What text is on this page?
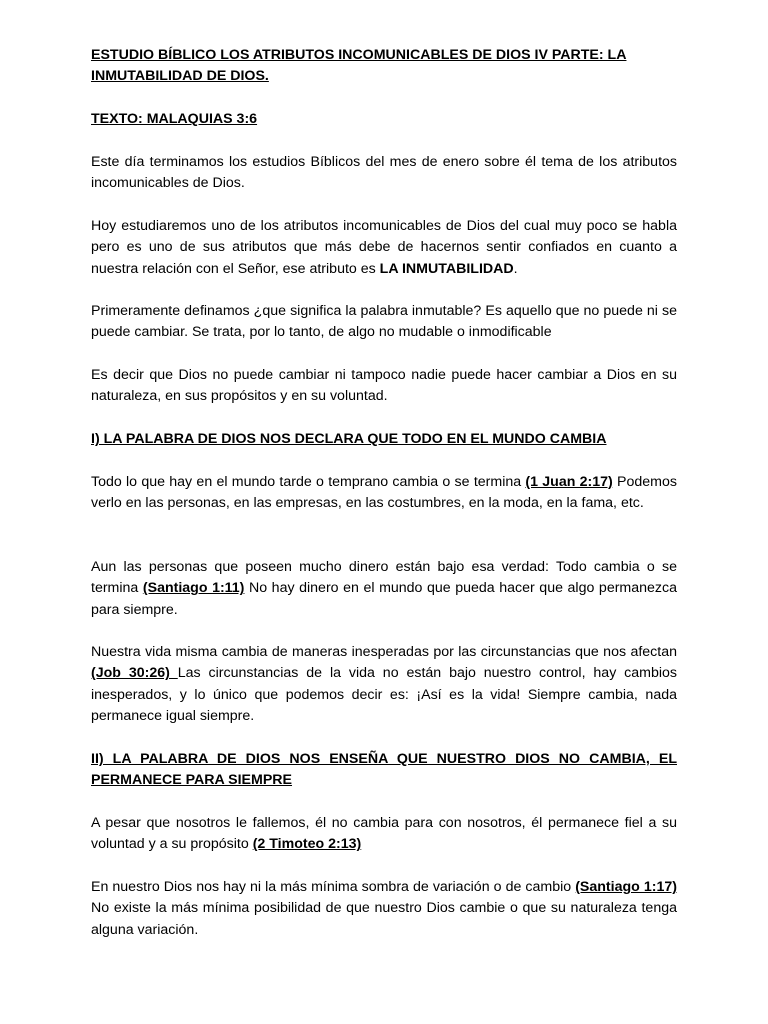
ESTUDIO BÍBLICO LOS ATRIBUTOS INCOMUNICABLES DE DIOS IV PARTE: LA INMUTABILIDAD DE DIOS.

TEXTO: MALAQUIAS 3:6

Este día terminamos los estudios Bíblicos del mes de enero sobre él tema de los atributos incomunicables de Dios.

Hoy estudiaremos uno de los atributos incomunicables de Dios del cual muy poco se habla pero es uno de sus atributos que más debe de hacernos sentir confiados en cuanto a nuestra relación con el Señor, ese atributo es LA INMUTABILIDAD.

Primeramente definamos ¿que significa la palabra inmutable? Es aquello que no puede ni se puede cambiar. Se trata, por lo tanto, de algo no mudable o inmodificable

Es decir que Dios no puede cambiar ni tampoco nadie puede hacer cambiar a Dios en su naturaleza, en sus propósitos y en su voluntad.

I) LA PALABRA DE DIOS NOS DECLARA QUE TODO EN EL MUNDO CAMBIA

Todo lo que hay en el mundo tarde o temprano cambia o se termina (1 Juan 2:17) Podemos verlo en las personas, en las empresas, en las costumbres, en la moda, en la fama, etc.

Aun las personas que poseen mucho dinero están bajo esa verdad: Todo cambia o se termina (Santiago 1:11) No hay dinero en el mundo que pueda hacer que algo permanezca para siempre.

Nuestra vida misma cambia de maneras inesperadas por las circunstancias que nos afectan (Job 30:26) Las circunstancias de la vida no están bajo nuestro control, hay cambios inesperados, y lo único que podemos decir es: ¡Así es la vida! Siempre cambia, nada permanece igual siempre.

II) LA PALABRA DE DIOS NOS ENSEÑA QUE NUESTRO DIOS NO CAMBIA, EL PERMANECE PARA SIEMPRE

A pesar que nosotros le fallemos, él no cambia para con nosotros, él permanece fiel a su voluntad y a su propósito (2 Timoteo 2:13)

En nuestro Dios nos hay ni la más mínima sombra de variación o de cambio (Santiago 1:17) No existe la más mínima posibilidad de que nuestro Dios cambie o que su naturaleza tenga alguna variación.
